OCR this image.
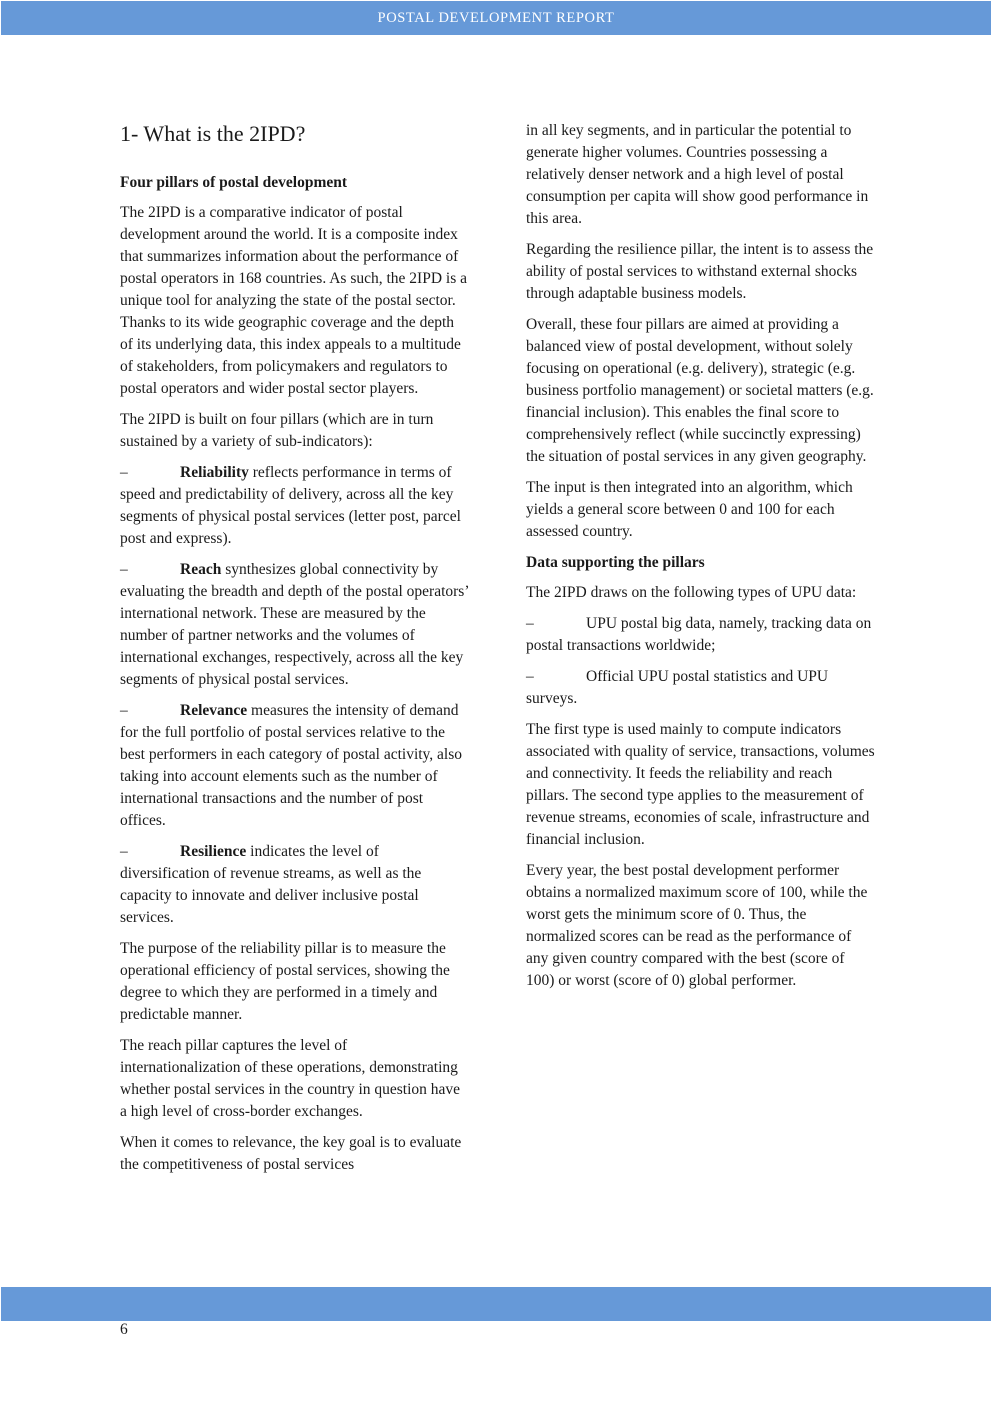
POSTAL DEVELOPMENT REPORT
1- What is the 2IPD?
Four pillars of postal development

The 2IPD is a comparative indicator of postal development around the world. It is a composite index that summarizes information about the performance of postal operators in 168 countries. As such, the 2IPD is a unique tool for analyzing the state of the postal sector. Thanks to its wide geographic coverage and the depth of its underlying data, this index appeals to a multitude of stakeholders, from policymakers and regulators to postal operators and wider postal sector players.

The 2IPD is built on four pillars (which are in turn sustained by a variety of sub-indicators):

–	Reliability reflects performance in terms of speed and predictability of delivery, across all the key segments of physical postal services (letter post, parcel post and express).

–	Reach synthesizes global connectivity by evaluating the breadth and depth of the postal operators’ international network. These are measured by the number of partner networks and the volumes of international exchanges, respectively, across all the key segments of physical postal services.

–	Relevance measures the intensity of demand for the full portfolio of postal services relative to the best performers in each category of postal activity, also taking into account elements such as the number of international transactions and the number of post offices.

–	Resilience indicates the level of diversification of revenue streams, as well as the capacity to innovate and deliver inclusive postal services.

The purpose of the reliability pillar is to measure the operational efficiency of postal services, showing the degree to which they are performed in a timely and predictable manner.

The reach pillar captures the level of internationalization of these operations, demonstrating whether postal services in the country in question have a high level of cross-border exchanges.

When it comes to relevance, the key goal is to evaluate the competitiveness of postal services

in all key segments, and in particular the potential to generate higher volumes. Countries possessing a relatively denser network and a high level of postal consumption per capita will show good performance in this area.

Regarding the resilience pillar, the intent is to assess the ability of postal services to withstand external shocks through adaptable business models.

Overall, these four pillars are aimed at providing a balanced view of postal development, without solely focusing on operational (e.g. delivery), strategic (e.g. business portfolio management) or societal matters (e.g. financial inclusion). This enables the final score to comprehensively reflect (while succinctly expressing) the situation of postal services in any given geography.

The input is then integrated into an algorithm, which yields a general score between 0 and 100 for each assessed country.

Data supporting the pillars

The 2IPD draws on the following types of UPU data:

–	UPU postal big data, namely, tracking data on postal transactions worldwide;

–	Official UPU postal statistics and UPU surveys.

The first type is used mainly to compute indicators associated with quality of service, transactions, volumes and connectivity. It feeds the reliability and reach pillars. The second type applies to the measurement of revenue streams, economies of scale, infrastructure and financial inclusion.

Every year, the best postal development performer obtains a normalized maximum score of 100, while the worst gets the minimum score of 0. Thus, the normalized scores can be read as the performance of any given country compared with the best (score of 100) or worst (score of 0) global performer.

6
